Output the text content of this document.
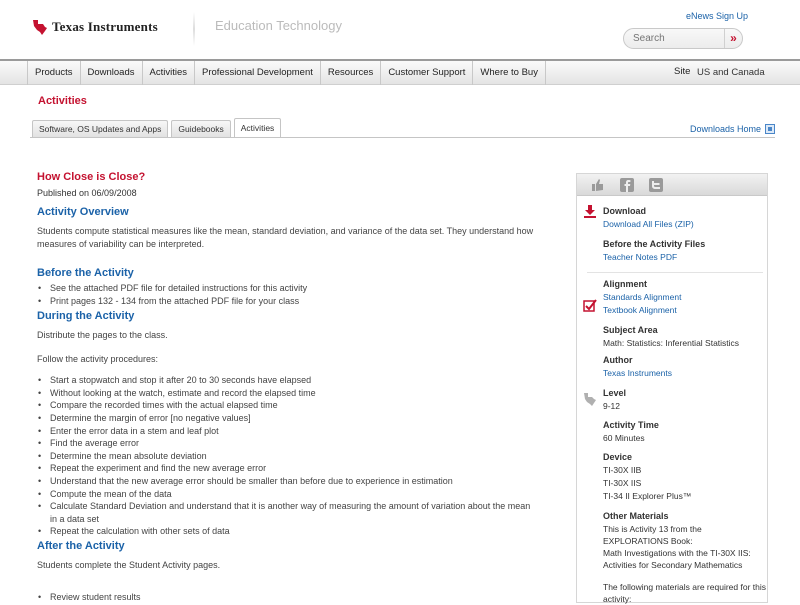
Texas Instruments	Education Technology
eNews Sign Up
Search
»
Products	Downloads	Activities	Professional Development	Resources	Customer Support	Where to Buy	Site US and Canada
Activities
Software, OS Updates and Apps	Guidebooks	Activities	Downloads Home
How Close is Close?
Published on 06/09/2008
Activity Overview
Students compute statistical measures like the mean, standard deviation, and variance of the data set. They understand how measures of variability can be interpreted.
Before the Activity
• See the attached PDF file for detailed instructions for this activity
• Print pages 132 - 134 from the attached PDF file for your class
During the Activity
Distribute the pages to the class.
Follow the activity procedures:
• Start a stopwatch and stop it after 20 to 30 seconds have elapsed
• Without looking at the watch, estimate and record the elapsed time
• Compare the recorded times with the actual elapsed time
• Determine the margin of error [no negative values]
• Enter the error data in a stem and leaf plot
• Find the average error
• Determine the mean absolute deviation
• Repeat the experiment and find the new average error
• Understand that the new average error should be smaller than before due to experience in estimation
• Compute the mean of the data
• Calculate Standard Deviation and understand that it is another way of measuring the amount of variation about the mean in a data set
• Repeat the calculation with other sets of data
After the Activity
Students complete the Student Activity pages.
• Review student results
Download
Download All Files (ZIP)
Before the Activity Files
Teacher Notes PDF
Alignment
Standards Alignment
Textbook Alignment
Subject Area
Math: Statistics: Inferential Statistics
Author
Texas Instruments
Level
9-12
Activity Time
60 Minutes
Device
TI-30X IIB
TI-30X IIS
TI-34 II Explorer Plus™
Other Materials
This is Activity 13 from the
EXPLORATIONS Book:
Math Investigations with the TI-30X IIS:
Activities for Secondary Mathematics
The following materials are required for this
activity:
